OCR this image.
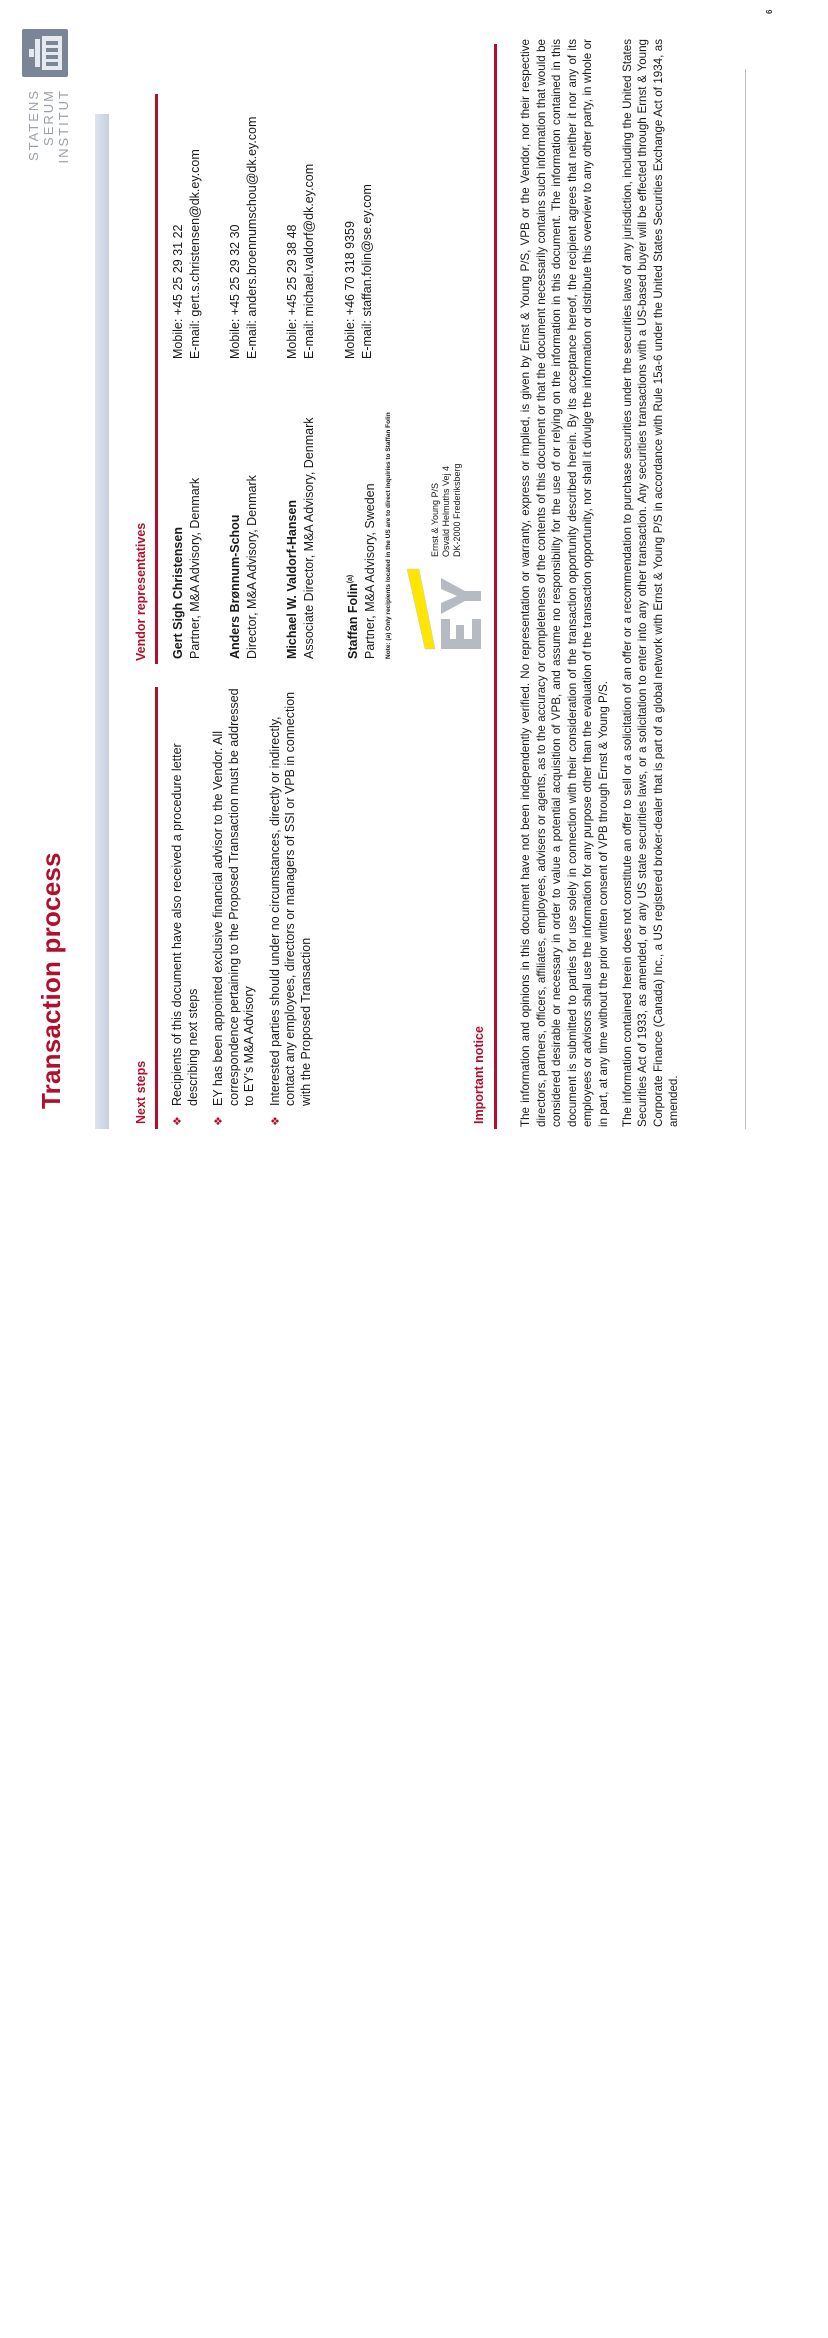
Transaction process
STATENS SERUM INSTITUT
Next steps ❖
Recipients of this document have also received a procedure letter describing next steps
❖
EY has been appointed exclusive financial advisor to the Vendor. All correspondence pertaining to the Proposed Transaction must be addressed to EY's M&A Advisory
❖
Interested parties should under no circumstances, directly or indirectly, contact any employees, directors or managers of SSI or VPB in connection with the Proposed Transaction
Vendor representatives Gert Sigh Christensen Partner, M&A Advisory, Denmark
Mobile: +45 25 29 31 22 E-mail: gert.s.christensen@dk.ey.com
Anders Brønnum-Schou Director, M&A Advisory, Denmark
Mobile: +45 25 29 32 30 E-mail: anders.broennumschou@dk.ey.com
Michael W. Valdorf-Hansen Associate Director, M&A Advisory, Denmark
Mobile: +45 25 29 38 48 E-mail: michael.valdorf@dk.ey.com
Staffan Folin$^{(a)}$ Partner, M&A Advisory, Sweden
Mobile: +46 70 318 9359 E-mail: staffan.folin@se.ey.com
Note: (a) Only recipients located in the US are to direct inquiries to Staffan Folin	Ernst & Young P/S Osvald Helmuths Vej 4 DK-2000 Frederiksberg
Important notice	The information and opinions in this document have not been independently verified. No representation or warranty, express or implied, is given by Ernst & Young P/S, VPB or the Vendor, nor their respective directors, partners, officers, affiliates, employees, advisers or agents, as to the accuracy or completeness of the contents of this document or that the document necessarily contains such information that would be considered desirable or necessary in order to value a potential acquisition of VPB, and assume no responsibility for the use of or relying on the information in this document. The information contained in this document is submitted to parties for use solely in connection with their consideration of the transaction opportunity described herein. By its acceptance hereof, the recipient agrees that neither it nor any of its employees or advisors shall use the information for any purpose other than the evaluation of the transaction opportunity, nor shall it divulge the information or distribute this overview to any other party, in whole or in part, at any time without the prior written consent of VPB through Ernst & Young P/S. The information contained herein does not constitute an offer to sell or a solicitation of an offer or a recommendation to purchase securities under the securities laws of any jurisdiction, including the United States Securities Act of 1933, as amended, or any US state securities laws, or a solicitation to enter into any other transaction. Any securities transactions with a US-based buyer will be effected through Ernst & Young Corporate Finance (Canada) Inc., a US registered broker-dealer that is part of a global network with Ernst & Young P/S in accordance with Rule 15a-6 under the United States Securities Exchange Act of 1934, as amended.

6
